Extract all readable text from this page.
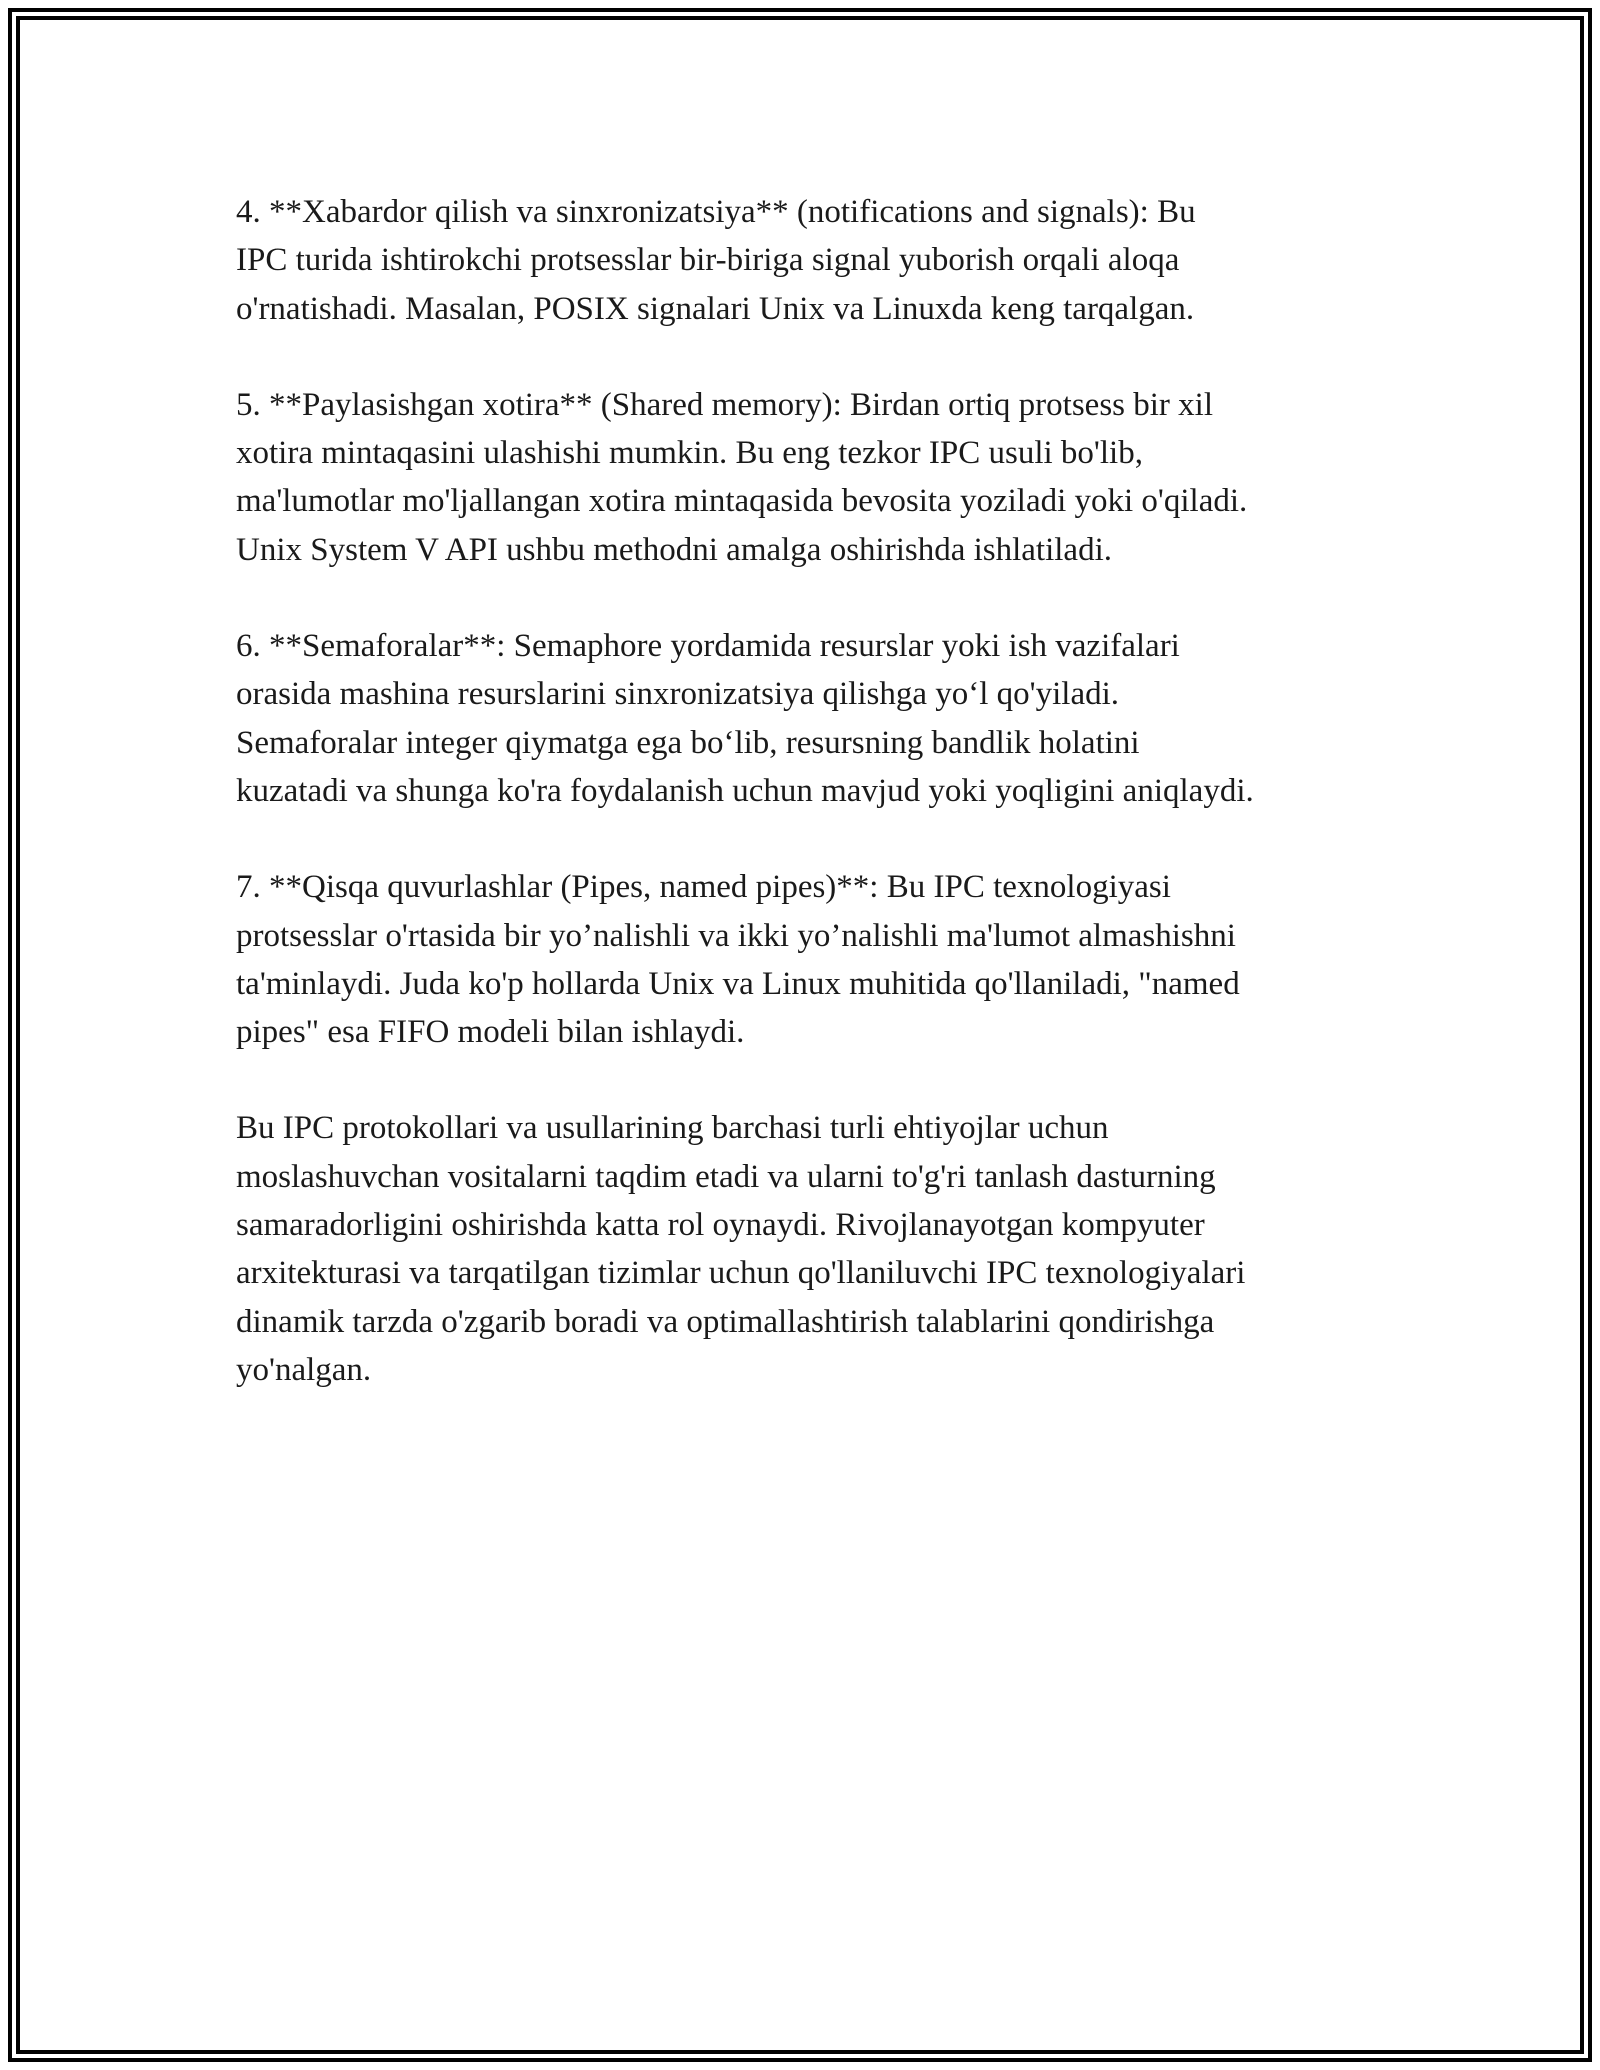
4. **Xabardor qilish va sinxronizatsiya** (notifications and signals): Bu
IPC turida ishtirokchi protsesslar bir-biriga signal yuborish orqali aloqa
o'rnatishadi. Masalan, POSIX signalari Unix va Linuxda keng tarqalgan.

5. **Paylasishgan xotira** (Shared memory): Birdan ortiq protsess bir xil
xotira mintaqasini ulashishi mumkin. Bu eng tezkor IPC usuli bo'lib,
ma'lumotlar mo'ljallangan xotira mintaqasida bevosita yoziladi yoki o'qiladi.
Unix System V API ushbu methodni amalga oshirishda ishlatiladi.

6. **Semaforalar**: Semaphore yordamida resurslar yoki ish vazifalari
orasida mashina resurslarini sinxronizatsiya qilishga yo‘l qo'yiladi.
Semaforalar integer qiymatga ega bo‘lib, resursning bandlik holatini
kuzatadi va shunga ko'ra foydalanish uchun mavjud yoki yoqligini aniqlaydi.

7. **Qisqa quvurlashlar (Pipes, named pipes)**: Bu IPC texnologiyasi
protsesslar o'rtasida bir yo’nalishli va ikki yo’nalishli ma'lumot almashishni
ta'minlaydi. Juda ko'p hollarda Unix va Linux muhitida qo'llaniladi, "named
pipes" esa FIFO modeli bilan ishlaydi.

Bu IPC protokollari va usullarining barchasi turli ehtiyojlar uchun
moslashuvchan vositalarni taqdim etadi va ularni to'g'ri tanlash dasturning
samaradorligini oshirishda katta rol oynaydi. Rivojlanayotgan kompyuter
arxitekturasi va tarqatilgan tizimlar uchun qo'llaniluvchi IPC texnologiyalari
dinamik tarzda o'zgarib boradi va optimallashtirish talablarini qondirishga
yo'nalgan.
